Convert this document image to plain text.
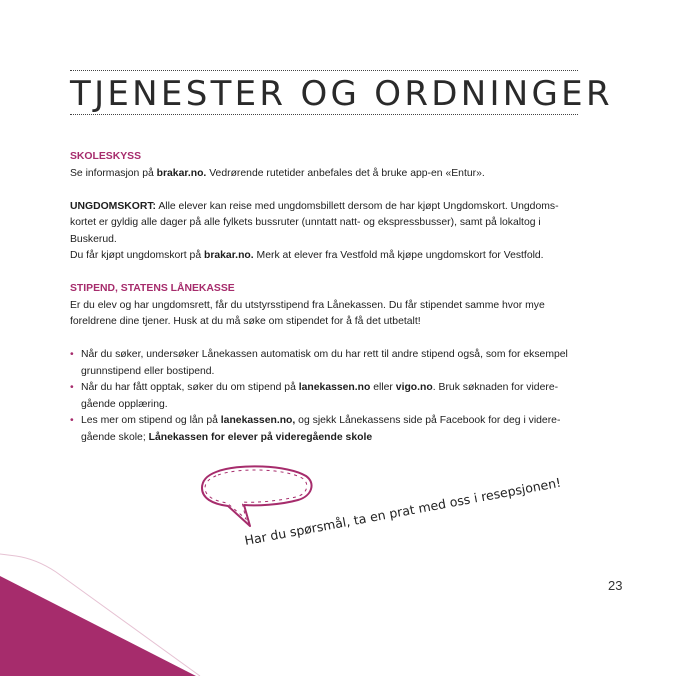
TJENESTER OG ORDNINGER

SKOLESKYSS

Se informasjon på brakar.no. Vedrørende rutetider anbefales det å bruke app-en «Entur».

UNGDOMSKORT: Alle elever kan reise med ungdomsbillett dersom de har kjøpt Ungdomskort. Ungdoms-

kortet er gyldig alle dager på alle fylkets bussruter (unntatt natt- og ekspressbusser), samt på lokaltog i Buskerud.

Du får kjøpt ungdomskort på brakar.no. Merk at elever fra Vestfold må kjøpe ungdomskort for Vestfold.

STIPEND, STATENS LÅNEKASSE

Er du elev og har ungdomsrett, får du utstyrsstipend fra Lånekassen. Du får stipendet samme hvor mye

foreldrene dine tjener. Husk at du må søke om stipendet for å få det utbetalt!

• Når du søker, undersøker Lånekassen automatisk om du har rett til andre stipend også, som for eksempel
grunnstipend eller bostipend.
• Når du har fått opptak, søker du om stipend på lanekassen.no eller vigo.no. Bruk søknaden for videre-
gående opplæring.
• Les mer om stipend og lån på lanekassen.no, og sjekk Lånekassens side på Facebook for deg i videre-
gående skole; Lånekassen for elever på videregående skole
Har du spørsmål, ta en prat med oss i resepsjonen!
23
